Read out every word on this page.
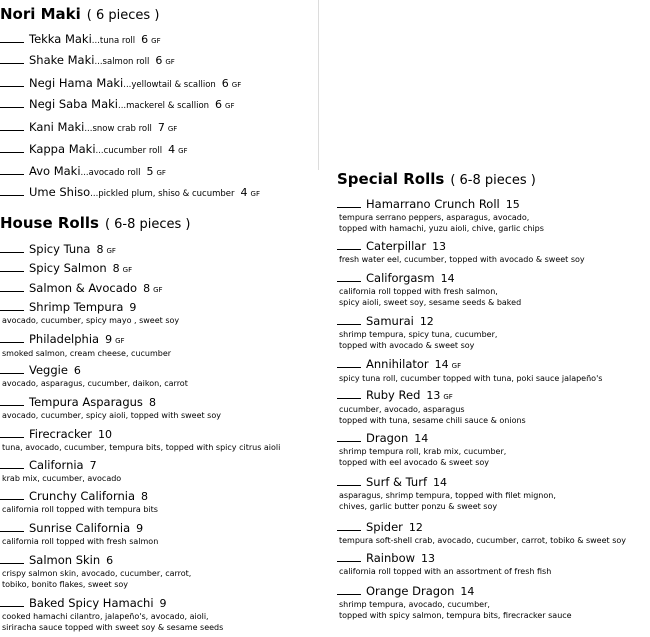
Nori Maki ( 6 pieces )
Tekka Maki...tuna roll 6 GF
Shake Maki...salmon roll 6 GF
Negi Hama Maki...yellowtail & scallion 6 GF
Negi Saba Maki...mackerel & scallion 6 GF
Kani Maki...snow crab roll 7 GF
Kappa Maki...cucumber roll 4 GF
Avo Maki...avocado roll 5 GF
Ume Shiso...pickled plum, shiso & cucumber 4 GF
House Rolls ( 6-8 pieces )
Spicy Tuna 8 GF
Spicy Salmon 8 GF
Salmon & Avocado 8 GF
Shrimp Tempura 9
avocado, cucumber, spicy mayo , sweet soy
Philadelphia 9 GF
smoked salmon, cream cheese, cucumber
Veggie 6
avocado, asparagus, cucumber, daikon, carrot
Tempura Asparagus 8
avocado, cucumber, spicy aioli, topped with sweet soy
Firecracker 10
tuna, avocado, cucumber, tempura bits, topped with spicy citrus aioli
California 7
krab mix, cucumber, avocado
Crunchy California 8
california roll topped with tempura bits
Sunrise California 9
california roll topped with fresh salmon
Salmon Skin 6
crispy salmon skin, avocado, cucumber, carrot,
tobiko, bonito flakes, sweet soy
Baked Spicy Hamachi 9
cooked hamachi cilantro, jalapeño's, avocado, aioli,
siriracha sauce topped with sweet soy & sesame seeds
Special Rolls ( 6-8 pieces )
Hamarrano Crunch Roll 15
tempura serrano peppers, asparagus, avocado,
topped with hamachi, yuzu aioli, chive, garlic chips
Caterpillar 13
fresh water eel, cucumber, topped with avocado & sweet soy
Califorgasm 14
california roll topped with fresh salmon,
spicy aioli, sweet soy, sesame seeds & baked
Samurai 12
shrimp tempura, spicy tuna, cucumber,
topped with avocado & sweet soy
Annihilator 14 GF
spicy tuna roll, cucumber topped with tuna, poki sauce jalapeño's
Ruby Red 13 GF
cucumber, avocado, asparagus
topped with tuna, sesame chili sauce & onions
Dragon 14
shrimp tempura roll, krab mix, cucumber,
topped with eel avocado & sweet soy
Surf & Turf 14
asparagus, shrimp tempura, topped with filet mignon,
chives, garlic butter ponzu & sweet soy
Spider 12
tempura soft-shell crab, avocado, cucumber, carrot, tobiko & sweet soy
Rainbow 13
california roll topped with an assortment of fresh fish
Orange Dragon 14
shrimp tempura, avocado, cucumber,
topped with spicy salmon, tempura bits, firecracker sauce
